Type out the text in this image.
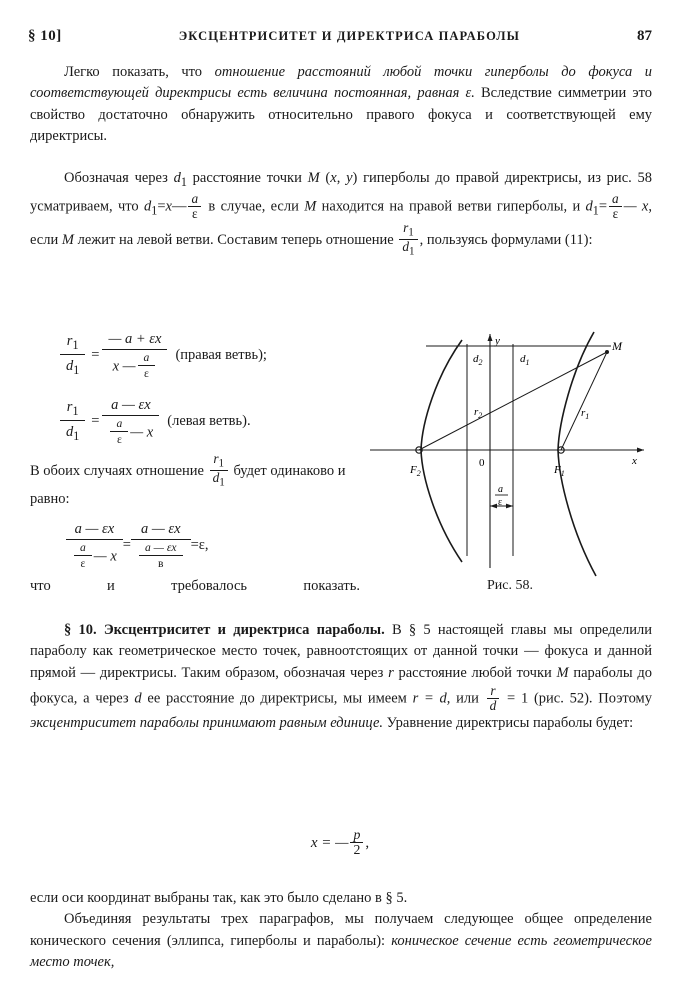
§ 10]	ЭКСЦЕНТРИСИТЕТ И ДИРЕКТРИСА ПАРАБОЛЫ	87
Легко показать, что отношение расстояний любой точки гиперболы до фокуса и соответствующей директрисы есть величина постоянная, равная ε. Вследствие симметрии это свойство достаточно обнаружить относительно правого фокуса и соответствующей ему директрисы.
Обозначая через $d_1$ расстояние точки M (x, y) гиперболы до правой директрисы, из рис. 58 усматриваем, что $d_1=x— \frac{a}{\varepsilon}$ в случае, если M находится на правой ветви гиперболы, и $d_1= \frac{a}{\varepsilon}$ — x, если M лежит на левой ветви. Составим теперь отношение $\frac{r_1}{d_1}$ , пользуясь формулами (11):
$\frac{r_1}{d_1} = \frac{— a + \varepsilon x}{x — \frac{a}{\varepsilon}}$ (правая ветвь);
$\frac{r_1}{d_1} = \frac{a — \varepsilon x}{\frac{a}{\varepsilon} — x}$ (левая ветвь).
В обоих случаях отношение $\frac{r_1}{d_1}$ будет одинаково и равно:
$\frac{a — \varepsilon x}{\frac{a}{\varepsilon} — x} = \frac{a — \varepsilon x}{\frac{a — \varepsilon x}{в}} = \varepsilon$,
что	и	требовалось	показать.
y
x
0
$d_2$	$d_1$
M
$r_2$	$r_1$
$F_2$	$F_1$
a
ε
Рис. 58.
§ 10. Эксцентриситет и директриса параболы. В § 5 настоящей главы мы определили параболу как геометрическое место точек, равноотстоящих от данной точки — фокуса и данной прямой — директрисы. Таким образом, обозначая через r расстояние любой точки M параболы до фокуса, а через d ее расстояние до директрисы, мы имеем r = d, или $\frac{r}{d} = 1$ (рис. 52). Поэтому эксцентриситет параболы принимают равным единице. Уравнение директрисы параболы будет:
x = — $\frac{p}{2}$ ,
если оси координат выбраны так, как это было сделано в § 5.
Объединяя результаты трех параграфов, мы получаем следующее общее определение конического сечения (эллипса, гиперболы и параболы): коническое сечение есть геометрическое место точек,
